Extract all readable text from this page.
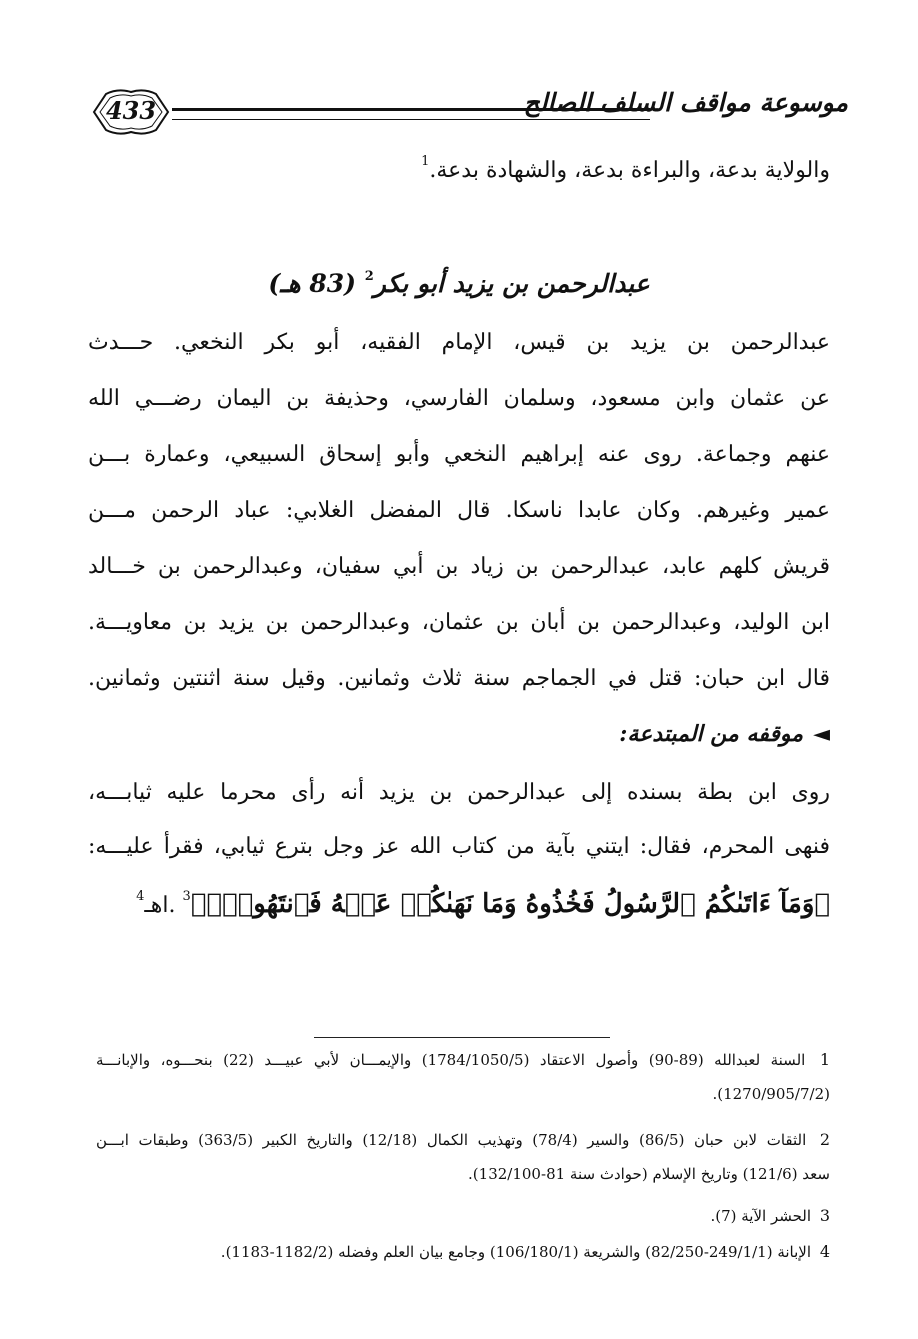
433	موسوعة مواقف السلف الصالح
والولاية بدعة، والبراءة بدعة، والشهادة بدعة.$^1$
عبدالرحمن بن يزيد أبو بكر$^2$ (83 هـ)
عبدالرحمن بن يزيد بن قيس، الإمام الفقيه، أبو بكر النخعي. حـــدث
عن عثمان وابن مسعود، وسلمان الفارسي، وحذيفة بن اليمان رضـــي الله
عنهم وجماعة. روى عنه إبراهيم النخعي وأبو إسحاق السبيعي، وعمارة بـــن
عمير وغيرهم. وكان عابدا ناسكا. قال المفضل الغلابي: عباد الرحمن مـــن
قريش كلهم عابد، عبدالرحمن بن زياد بن أبي سفيان، وعبدالرحمن بن خـــالد
ابن الوليد، وعبدالرحمن بن أبان بن عثمان، وعبدالرحمن بن يزيد بن معاويـــة.
قال ابن حبان: قتل في الجماجم سنة ثلاث وثمانين. وقيل سنة اثنتين وثمانين.
◄موقفه من المبتدعة:
روى ابن بطة بسنده إلى عبدالرحمن بن يزيد أنه رأى محرما عليه ثيابـــه،
فنهى المحرم، فقال: ايتني بآية من كتاب الله عز وجل بترع ثيابي، فقرأ عليـــه:
﴿وَمَآ ءَاتَىٰكُمُ ٱلرَّسُولُ فَخُذُوهُ وَمَا نَهَىٰكُمۡ عَنۡهُ فَٱنتَهُواْۚ﴾$^3$ .اهـ$^4$
1 السنة لعبدالله (89-90) وأصول الاعتقاد (1784/1050/5) والإيمـــان لأبي عبيـــد (22) بنحـــوه، والإبانـــة
(1270/905/7/2).
2 الثقات لابن حبان (86/5) والسير (78/4) وتهذيب الكمال (12/18) والتاريخ الكبير (363/5) وطبقات ابـــن
سعد (121/6) وتاريخ الإسلام (حوادث سنة 81-132/100).
3 الحشر الآية (7).
4 الإبانة (249/1/1-82/250) والشريعة (106/180/1) وجامع بيان العلم وفضله (1182/2-1183).
